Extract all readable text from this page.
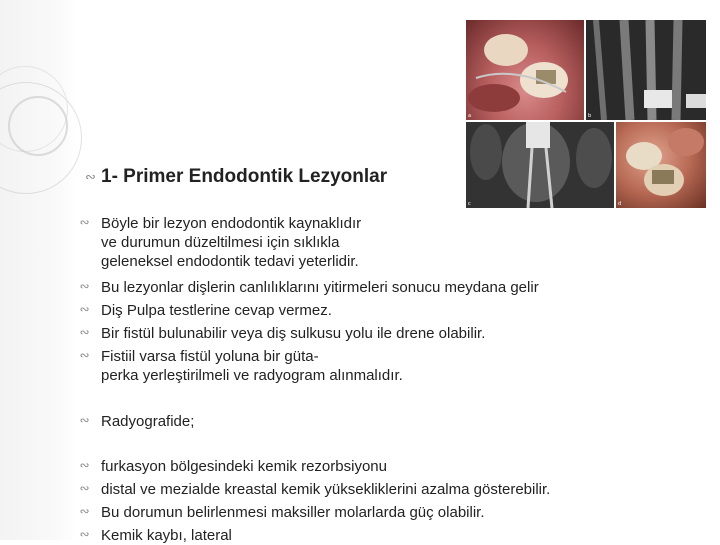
a	b
c	d
∾ 1- Primer Endodontik Lezyonlar
∾ Böyle bir lezyon endodontik kaynaklıdır
ve durumun düzeltilmesi için sıklıkla
geleneksel endodontik tedavi yeterlidir.
∾ Bu lezyonlar dişlerin canlılıklarını yitirmeleri sonucu meydana gelir
∾ Diş Pulpa testlerine cevap vermez.
∾ Bir fistül bulunabilir veya diş sulkusu yolu ile drene olabilir.
∾ Fistiil varsa fistül yoluna bir güta-
perka yerleştirilmeli ve radyogram alınmalıdır.
∾ Radyografide;
∾ furkasyon bölgesindeki kemik rezorbsiyonu
∾ distal ve mezialde kreastal kemik yüksekliklerini azalma gösterebilir.
∾ Bu dorumun belirlenmesi maksiller molarlarda güç olabilir.
∾ Kemik kaybı, lateral
